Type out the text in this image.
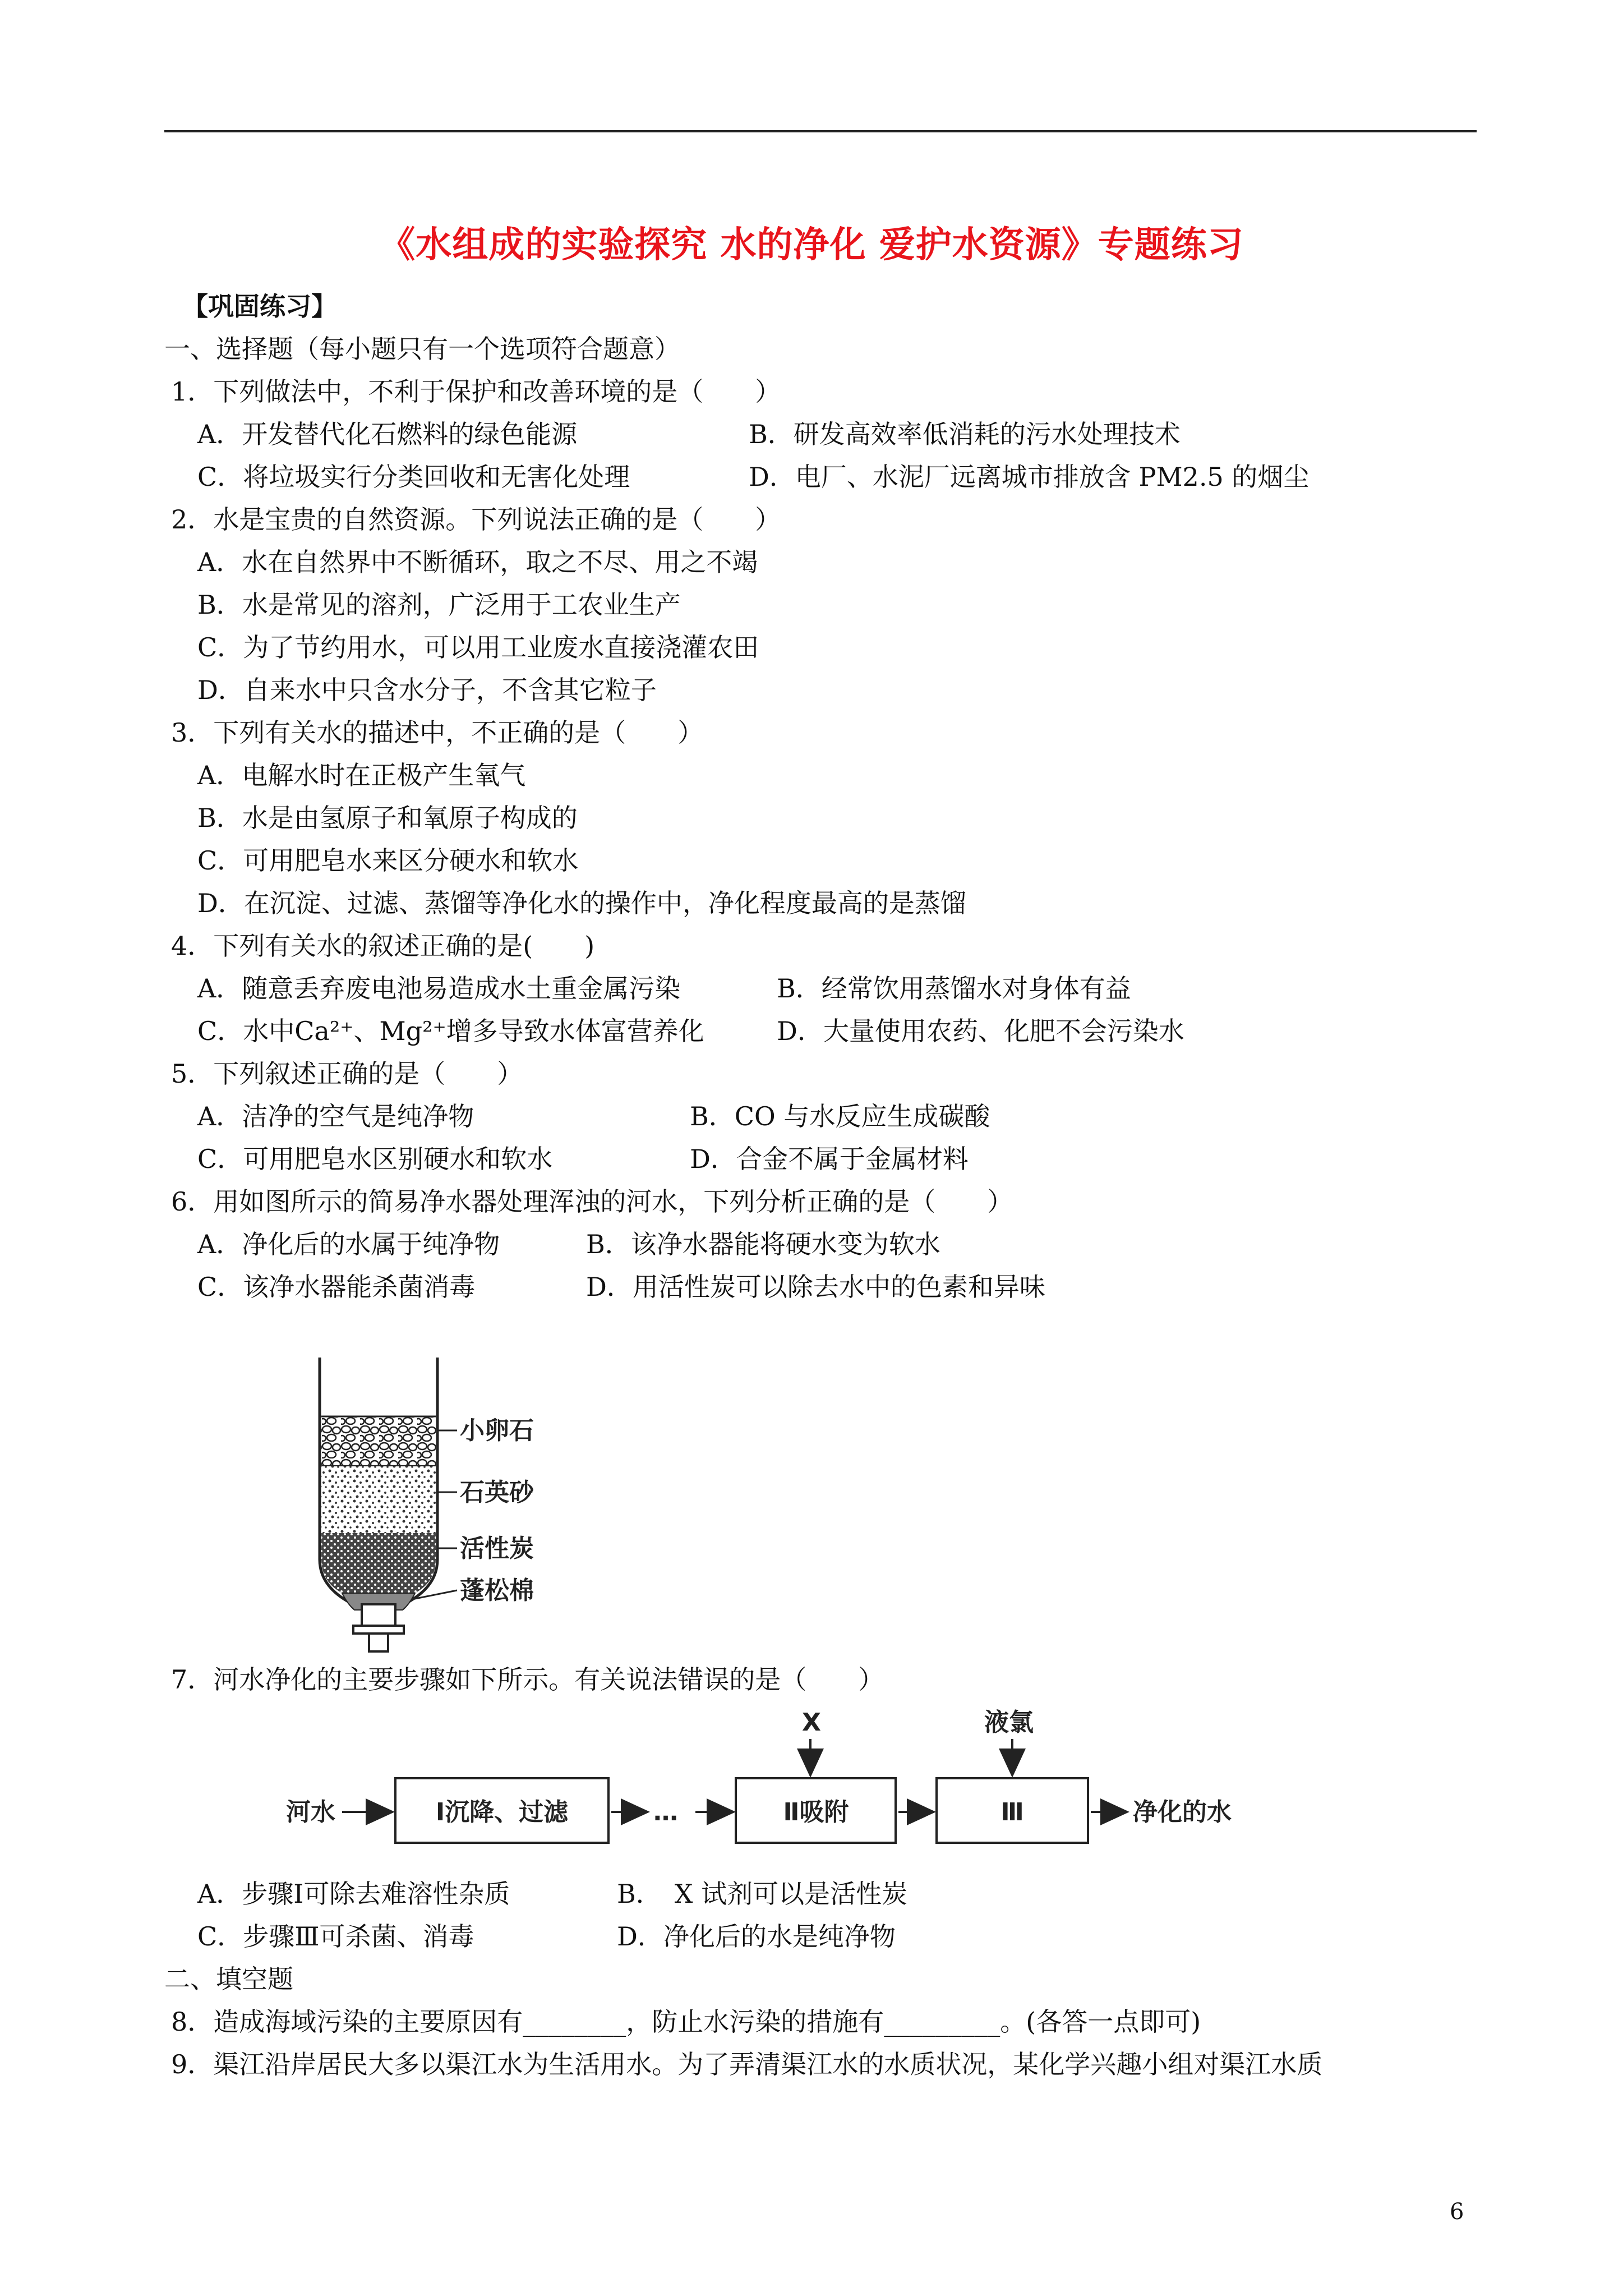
《水组成的实验探究 水的净化 爱护水资源》专题练习
【巩固练习】
一、选择题（每小题只有一个选项符合题意）
1．下列做法中，不利于保护和改善环境的是（　　）
A．开发替代化石燃料的绿色能源	B．研发高效率低消耗的污水处理技术
C．将垃圾实行分类回收和无害化处理	D．电厂、水泥厂远离城市排放含 PM2.5 的烟尘
2．水是宝贵的自然资源。下列说法正确的是（　　）
A．水在自然界中不断循环，取之不尽、用之不竭
B．水是常见的溶剂，广泛用于工农业生产
C．为了节约用水，可以用工业废水直接浇灌农田
D．自来水中只含水分子，不含其它粒子
3．下列有关水的描述中，不正确的是（　　）
A．电解水时在正极产生氧气
B．水是由氢原子和氧原子构成的
C．可用肥皂水来区分硬水和软水
D．在沉淀、过滤、蒸馏等净化水的操作中，净化程度最高的是蒸馏
4．下列有关水的叙述正确的是(　　)
A．随意丢弃废电池易造成水土重金属污染	B．经常饮用蒸馏水对身体有益
C．水中Ca²⁺、Mg²⁺增多导致水体富营养化	D．大量使用农药、化肥不会污染水
5．下列叙述正确的是（　　）
A．洁净的空气是纯净物	B．CO 与水反应生成碳酸
C．可用肥皂水区别硬水和软水	D．合金不属于金属材料
6．用如图所示的简易净水器处理浑浊的河水，下列分析正确的是（　　）
A．净化后的水属于纯净物	B．该净水器能将硬水变为软水
C．该净水器能杀菌消毒	D．用活性炭可以除去水中的色素和异味
小卵石
石英砂
活性炭
蓬松棉
7．河水净化的主要步骤如下所示。有关说法错误的是（　　）
河水	Ⅰ沉降、过滤	…	Ⅱ吸附
X
Ⅲ
液氯
净化的水
A．步骤Ⅰ可除去难溶性杂质	B．　X 试剂可以是活性炭
C．步骤Ⅲ可杀菌、消毒	D．净化后的水是纯净物
二、填空题
8．造成海域污染的主要原因有________，防止水污染的措施有_________。(各答一点即可)
9．渠江沿岸居民大多以渠江水为生活用水。为了弄清渠江水的水质状况，某化学兴趣小组对渠江水质
6
